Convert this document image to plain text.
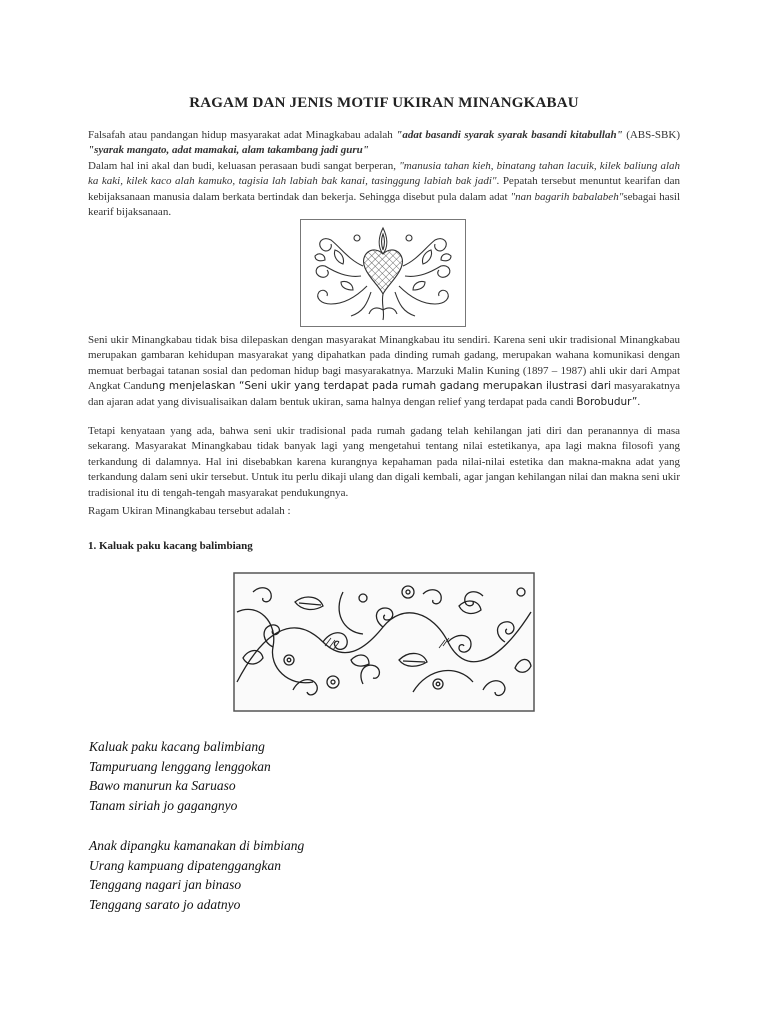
RAGAM DAN JENIS MOTIF UKIRAN MINANGKABAU

Falsafah atau pandangan hidup masyarakat adat Minagkabau adalah "adat basandi syarak syarak basandi kitabullah" (ABS-SBK) "syarak mangato, adat mamakai, alam takambang jadi guru"

Dalam hal ini akal dan budi, keluasan perasaan budi sangat berperan, "manusia tahan kieh, binatang tahan lacuik, kilek baliung alah ka kaki, kilek kaco alah kamuko, tagisia lah labiah bak kanai, tasinggung labiah bak jadi". Pepatah tersebut menuntut kearifan dan kebijaksanaan manusia dalam berkata bertindak dan bekerja. Sehingga disebut pula dalam adat "nan bagarih babalabeh"sebagai hasil kearif bijaksanaan.

Seni ukir Minangkabau tidak bisa dilepaskan dengan masyarakat Minangkabau itu sendiri. Karena seni ukir tradisional Minangkabau merupakan gambaran kehidupan masyarakat yang dipahatkan pada dinding rumah gadang, merupakan wahana komunikasi dengan memuat berbagai tatanan sosial dan pedoman hidup bagi masyarakatnya. Marzuki Malin Kuning (1897 – 1987) ahli ukir dari Ampat Angkat Candung menjelaskan “Seni ukir yang terdapat pada rumah gadang merupakan ilustrasi dari masyarakatnya dan ajaran adat yang divisualisaikan dalam bentuk ukiran, sama halnya dengan relief yang terdapat pada candi Borobudur”.

Tetapi kenyataan yang ada, bahwa seni ukir tradisional pada rumah gadang telah kehilangan jati diri dan peranannya di masa sekarang. Masyarakat Minangkabau tidak banyak lagi yang mengetahui tentang nilai estetikanya, apa lagi makna filosofi yang terkandung di dalamnya. Hal ini disebabkan karena kurangnya kepahaman pada nilai-nilai estetika dan makna-makna adat yang terkandung dalam seni ukir tersebut. Untuk itu perlu dikaji ulang dan digali kembali, agar jangan kehilangan nilai dan makna seni ukir tradisional itu di tengah-tengah masyarakat pendukungnya.

Ragam Ukiran Minangkabau tersebut adalah :

1. Kaluak paku kacang balimbiang
Kaluak paku kacang balimbiang
Tampuruang lenggang lenggokan
Bawo manurun ka Saruaso
Tanam siriah jo gagangnyo
Anak dipangku kamanakan di bimbiang
Urang kampuang dipatenggangkan
Tenggang nagari jan binaso
Tenggang sarato jo adatnyo
